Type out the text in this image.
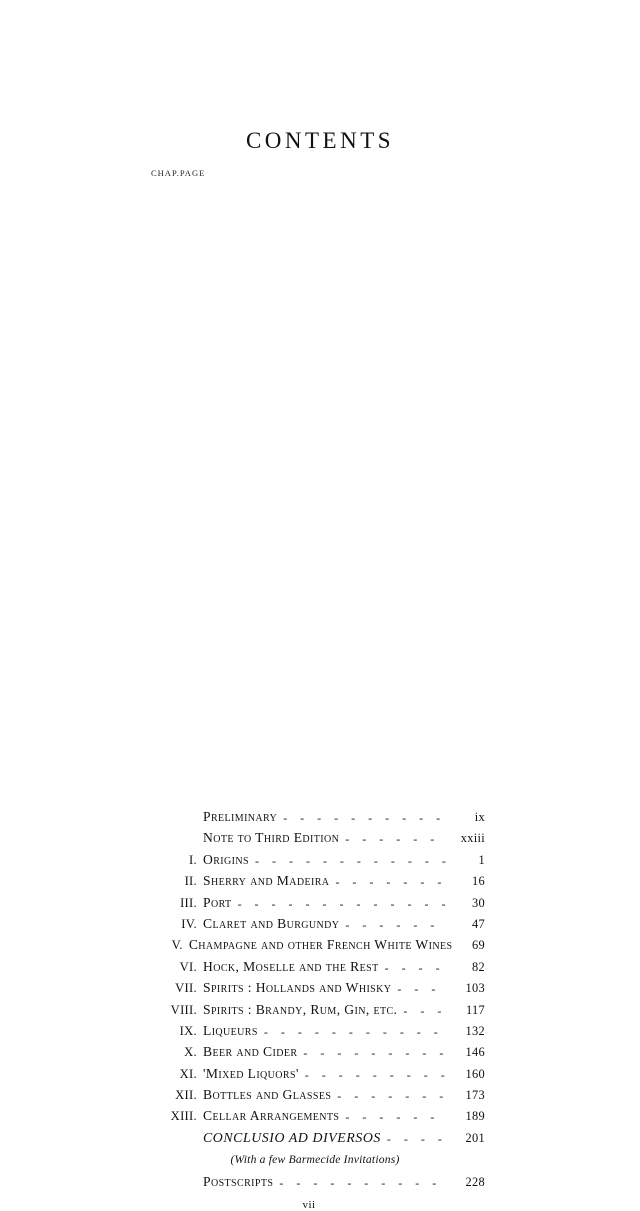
CONTENTS
CHAP. PAGE
Preliminary - -	ix
Note to Third Edition - -	xxiii
I. Origins - -	1
II. Sherry and Madeira - -	16
III. Port - -	30
IV. Claret and Burgundy - -	47
V. Champagne and other French White Wines	69
VI. Hock, Moselle and the Rest - -	82
VII. Spirits : Hollands and Whisky - -	103
VIII. Spirits : Brandy, Rum, Gin, etc. - -	117
IX. Liqueurs - -	132
X. Beer and Cider - -	146
XI. 'Mixed Liquors' - -	160
XII. Bottles and Glasses - -	173
XIII. Cellar Arrangements - -	189
CONCLUSIO AD DIVERSOS - -	201
(With a few Barmecide Invitations)
Postscripts - -	228
vii
